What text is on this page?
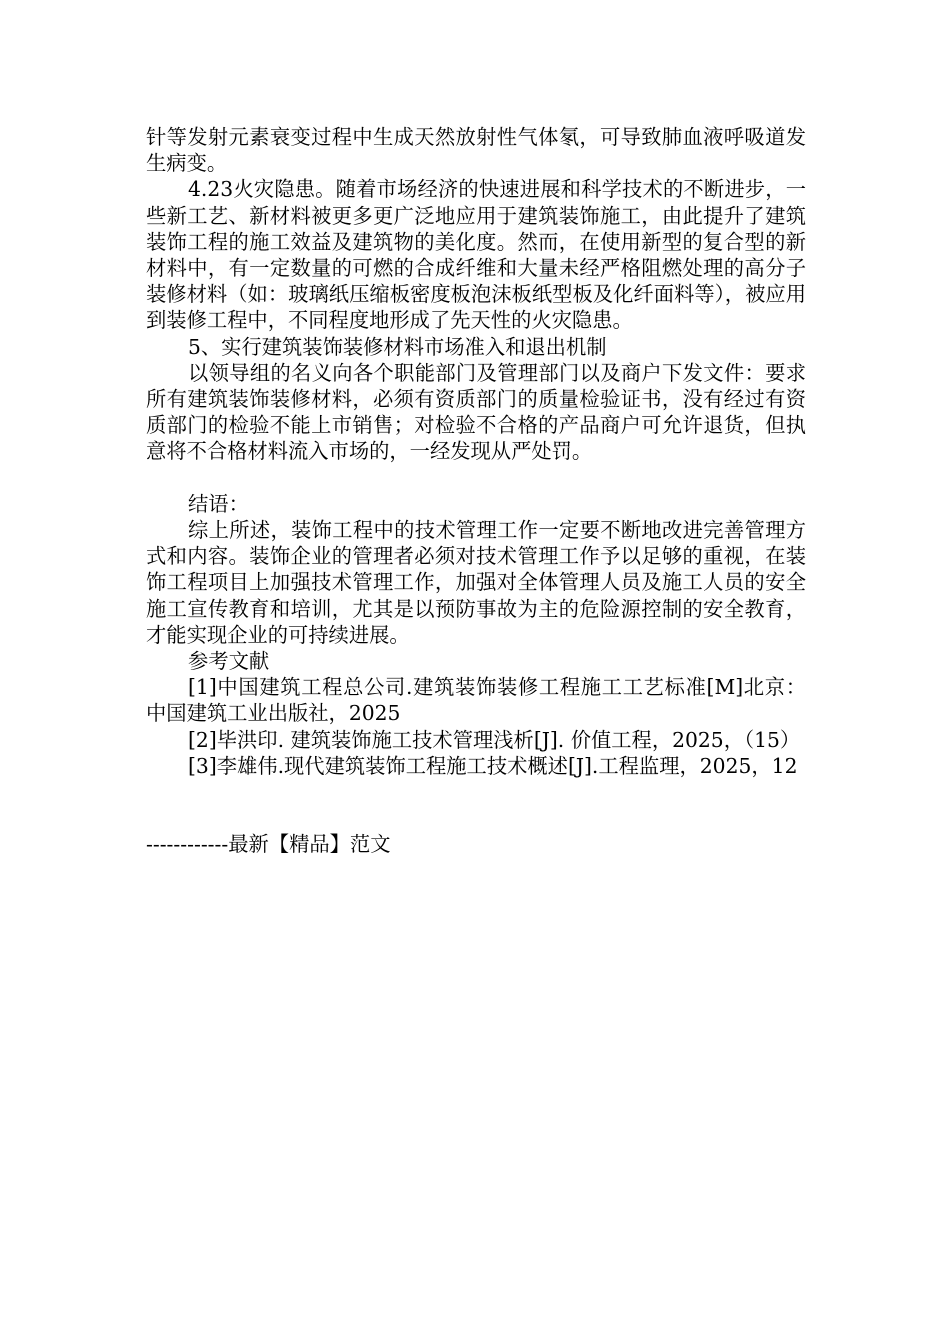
针等发射元素衰变过程中生成天然放射性气体氡，可导致肺血液呼吸道发生病变。

4.23火灾隐患。随着市场经济的快速进展和科学技术的不断进步，一些新工艺、新材料被更多更广泛地应用于建筑装饰施工，由此提升了建筑装饰工程的施工效益及建筑物的美化度。然而，在使用新型的复合型的新材料中，有一定数量的可燃的合成纤维和大量未经严格阻燃处理的高分子装修材料（如：玻璃纸压缩板密度板泡沫板纸型板及化纤面料等），被应用到装修工程中，不同程度地形成了先天性的火灾隐患。

5、实行建筑装饰装修材料市场准入和退出机制

以领导组的名义向各个职能部门及管理部门以及商户下发文件：要求所有建筑装饰装修材料，必须有资质部门的质量检验证书，没有经过有资质部门的检验不能上市销售；对检验不合格的产品商户可允许退货，但执意将不合格材料流入市场的，一经发现从严处罚。

结语：

综上所述，装饰工程中的技术管理工作一定要不断地改进完善管理方式和内容。装饰企业的管理者必须对技术管理工作予以足够的重视，在装饰工程项目上加强技术管理工作，加强对全体管理人员及施工人员的安全施工宣传教育和培训，尤其是以预防事故为主的危险源控制的安全教育，才能实现企业的可持续进展。

参考文献

[1]中国建筑工程总公司.建筑装饰装修工程施工工艺标准[M]北京：中国建筑工业出版社，2025

[2]毕洪印. 建筑装饰施工技术管理浅析[J]. 价值工程，2025，（15）

[3]李雄伟.现代建筑装饰工程施工技术概述[J].工程监理，2025，12

------------最新【精品】范文
